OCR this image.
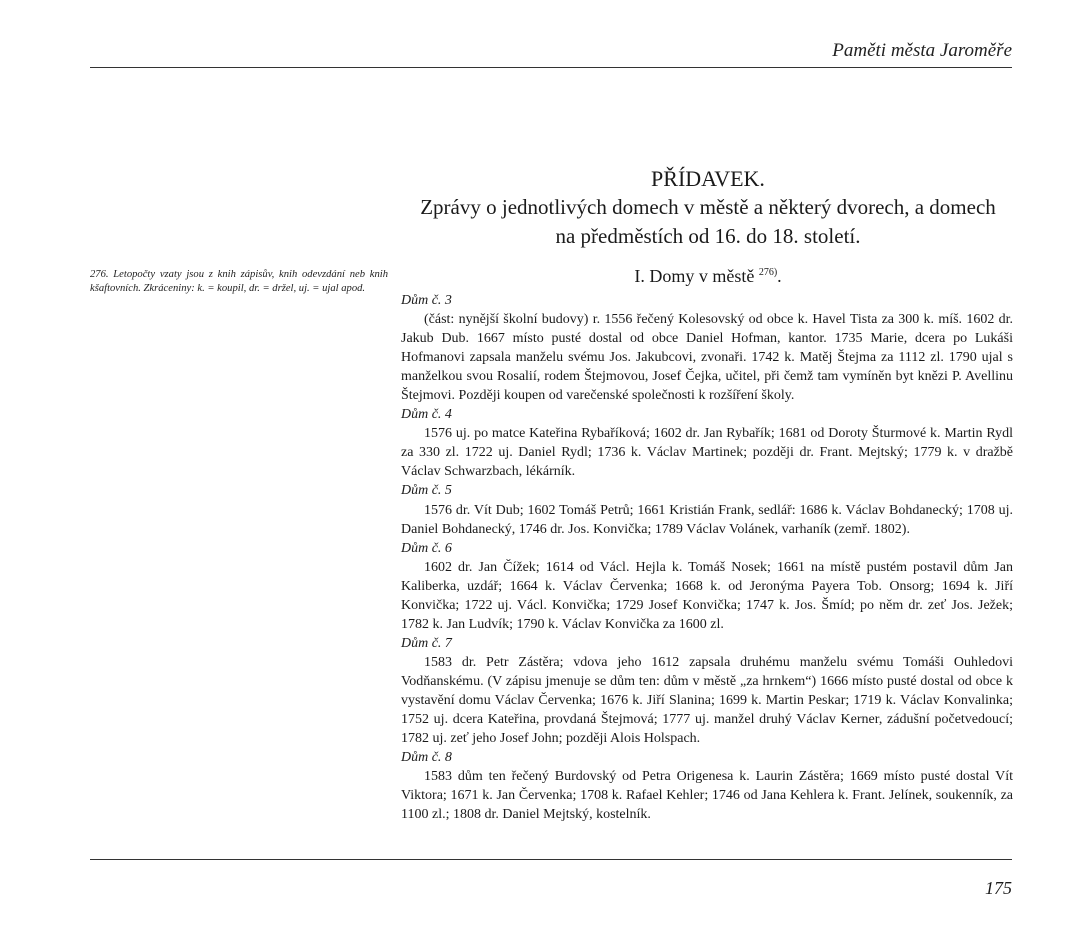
Paměti města Jaroměře
PŘÍDAVEK.
Zprávy o jednotlivých domech v městě a některý dvorech, a domech
na předměstích od 16. do 18. století.
276. Letopočty vzaty jsou z knih zápisův, knih odevzdání neb knih kšaftovních. Zkráceniny: k. = koupil, dr. = držel, uj. = ujal apod.
I. Domy v městě $^{276)}$.
Dům č. 3

(část: nynější školní budovy) r. 1556 řečený Kolesovský od obce k. Havel Tista za 300 k. míš. 1602 dr. Jakub Dub. 1667 místo pusté dostal od obce Daniel Hofman, kantor. 1735 Marie, dcera po Lukáši Hofmanovi zapsala manželu svému Jos. Jakubcovi, zvonaři. 1742 k. Matěj Štejma za 1112 zl. 1790 ujal s manželkou svou Rosalií, rodem Štejmovou, Josef Čejka, učitel, při čemž tam vymíněn byt knězi P. Avellinu Štejmovi. Později koupen od varečenské společnosti k rozšíření školy.

Dům č. 4

1576 uj. po matce Kateřina Rybaříková; 1602 dr. Jan Rybařík; 1681 od Doroty Šturmové k. Martin Rydl za 330 zl. 1722 uj. Daniel Rydl; 1736 k. Václav Martinek; později dr. Frant. Mejtský; 1779 k. v dražbě Václav Schwarzbach, lékárník.

Dům č. 5

1576 dr. Vít Dub; 1602 Tomáš Petrů; 1661 Kristián Frank, sedlář: 1686 k. Václav Bohdanecký; 1708 uj. Daniel Bohdanecký, 1746 dr. Jos. Konvička; 1789 Václav Volánek, varhaník (zemř. 1802).

Dům č. 6

1602 dr. Jan Čížek; 1614 od Václ. Hejla k. Tomáš Nosek; 1661 na místě pustém postavil dům Jan Kaliberka, uzdář; 1664 k. Václav Červenka; 1668 k. od Jeronýma Payera Tob. Onsorg; 1694 k. Jiří Konvička; 1722 uj. Václ. Konvička; 1729 Josef Konvička; 1747 k. Jos. Šmíd; po něm dr. zeť Jos. Ježek; 1782 k. Jan Ludvík; 1790 k. Václav Konvička za 1600 zl.

Dům č. 7

1583 dr. Petr Zástěra; vdova jeho 1612 zapsala druhému manželu svému Tomáši Ouhledovi Vodňanskému. (V zápisu jmenuje se dům ten: dům v městě „za hrnkem“) 1666 místo pusté dostal od obce k vystavění domu Václav Červenka; 1676 k. Jiří Slanina; 1699 k. Martin Peskar; 1719 k. Václav Konvalinka; 1752 uj. dcera Kateřina, provdaná Štejmová; 1777 uj. manžel druhý Václav Kerner, zádušní početvedoucí; 1782 uj. zeť jeho Josef John; později Alois Holspach.

Dům č. 8

1583 dům ten řečený Burdovský od Petra Origenesa k. Laurin Zástěra; 1669 místo pusté dostal Vít Viktora; 1671 k. Jan Červenka; 1708 k. Rafael Kehler; 1746 od Jana Kehlera k. Frant. Jelínek, soukenník, za 1100 zl.; 1808 dr. Daniel Mejtský, kostelník.

175
